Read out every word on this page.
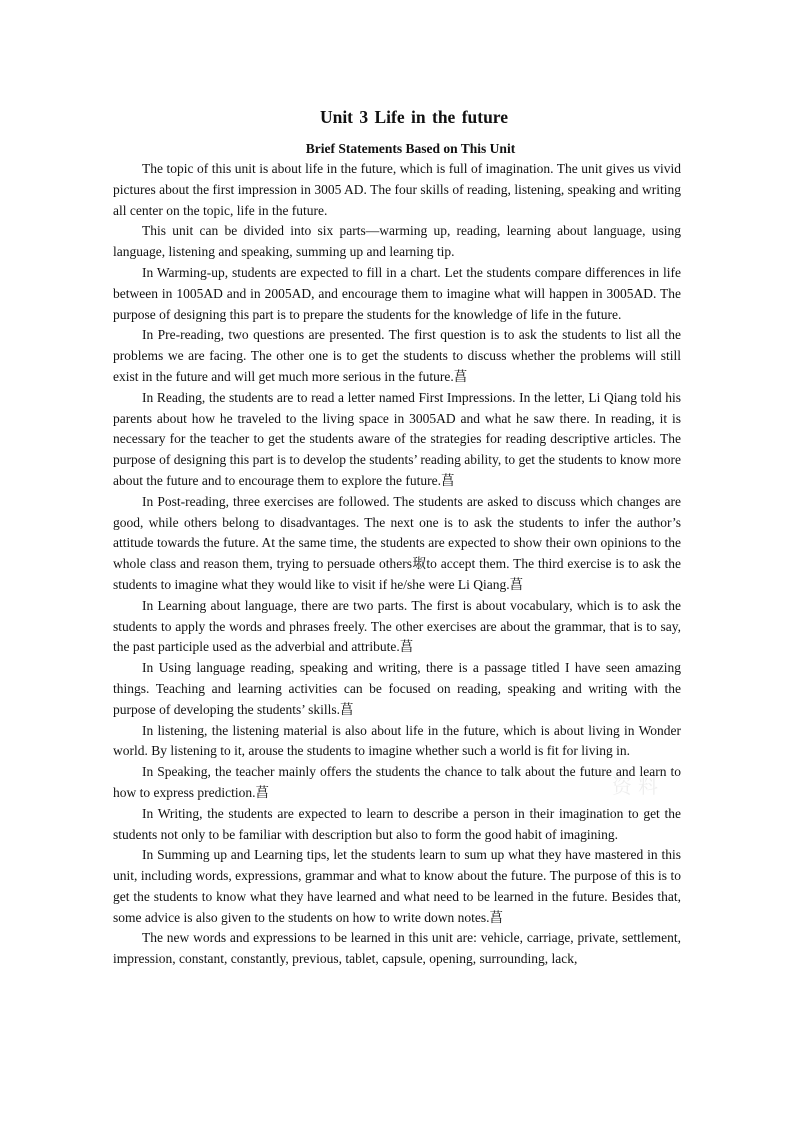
Unit 3 Life in the future
Brief Statements Based on This Unit

The topic of this unit is about life in the future, which is full of imagination. The unit gives us vivid pictures about the first impression in 3005 AD. The four skills of reading, listening, speaking and writing all center on the topic, life in the future.

This unit can be divided into six parts—warming up, reading, learning about language, using language, listening and speaking, summing up and learning tip.

In Warming-up, students are expected to fill in a chart. Let the students compare differences in life between in 1005AD and in 2005AD, and encourage them to imagine what will happen in 3005AD. The purpose of designing this part is to prepare the students for the knowledge of life in the future.

In Pre-reading, two questions are presented. The first question is to ask the students to list all the problems we are facing. The other one is to get the students to discuss whether the problems will still exist in the future and will get much more serious in the future.菖

In Reading, the students are to read a letter named First Impressions. In the letter, Li Qiang told his parents about how he traveled to the living space in 3005AD and what he saw there. In reading, it is necessary for the teacher to get the students aware of the strategies for reading descriptive articles. The purpose of designing this part is to develop the students’ reading ability, to get the students to know more about the future and to encourage them to explore the future.菖

In Post-reading, three exercises are followed. The students are asked to discuss which changes are good, while others belong to disadvantages. The next one is to ask the students to infer the author’s attitude towards the future. At the same time, the students are expected to show their own opinions to the whole class and reason them, trying to persuade others琡to accept them. The third exercise is to ask the students to imagine what they would like to visit if he/she were Li Qiang.菖

In Learning about language, there are two parts. The first is about vocabulary, which is to ask the students to apply the words and phrases freely. The other exercises are about the grammar, that is to say, the past participle used as the adverbial and attribute.菖

In Using language reading, speaking and writing, there is a passage titled I have seen amazing things. Teaching and learning activities can be focused on reading, speaking and writing with the purpose of developing the students’ skills.菖

In listening, the listening material is also about life in the future, which is about living in Wonder world. By listening to it, arouse the students to imagine whether such a world is fit for living in.

In Speaking, the teacher mainly offers the students the chance to talk about the future and learn to how to express prediction.菖

In Writing, the students are expected to learn to describe a person in their imagination to get the students not only to be familiar with description but also to form the good habit of imagining.

In Summing up and Learning tips, let the students learn to sum up what they have mastered in this unit, including words, expressions, grammar and what to know about the future. The purpose of this is to get the students to know what they have learned and what need to be learned in the future. Besides that, some advice is also given to the students on how to write down notes.菖

The new words and expressions to be learned in this unit are: vehicle, carriage, private, settlement, impression, constant, constantly, previous, tablet, capsule, opening, surrounding, lack,

资料
